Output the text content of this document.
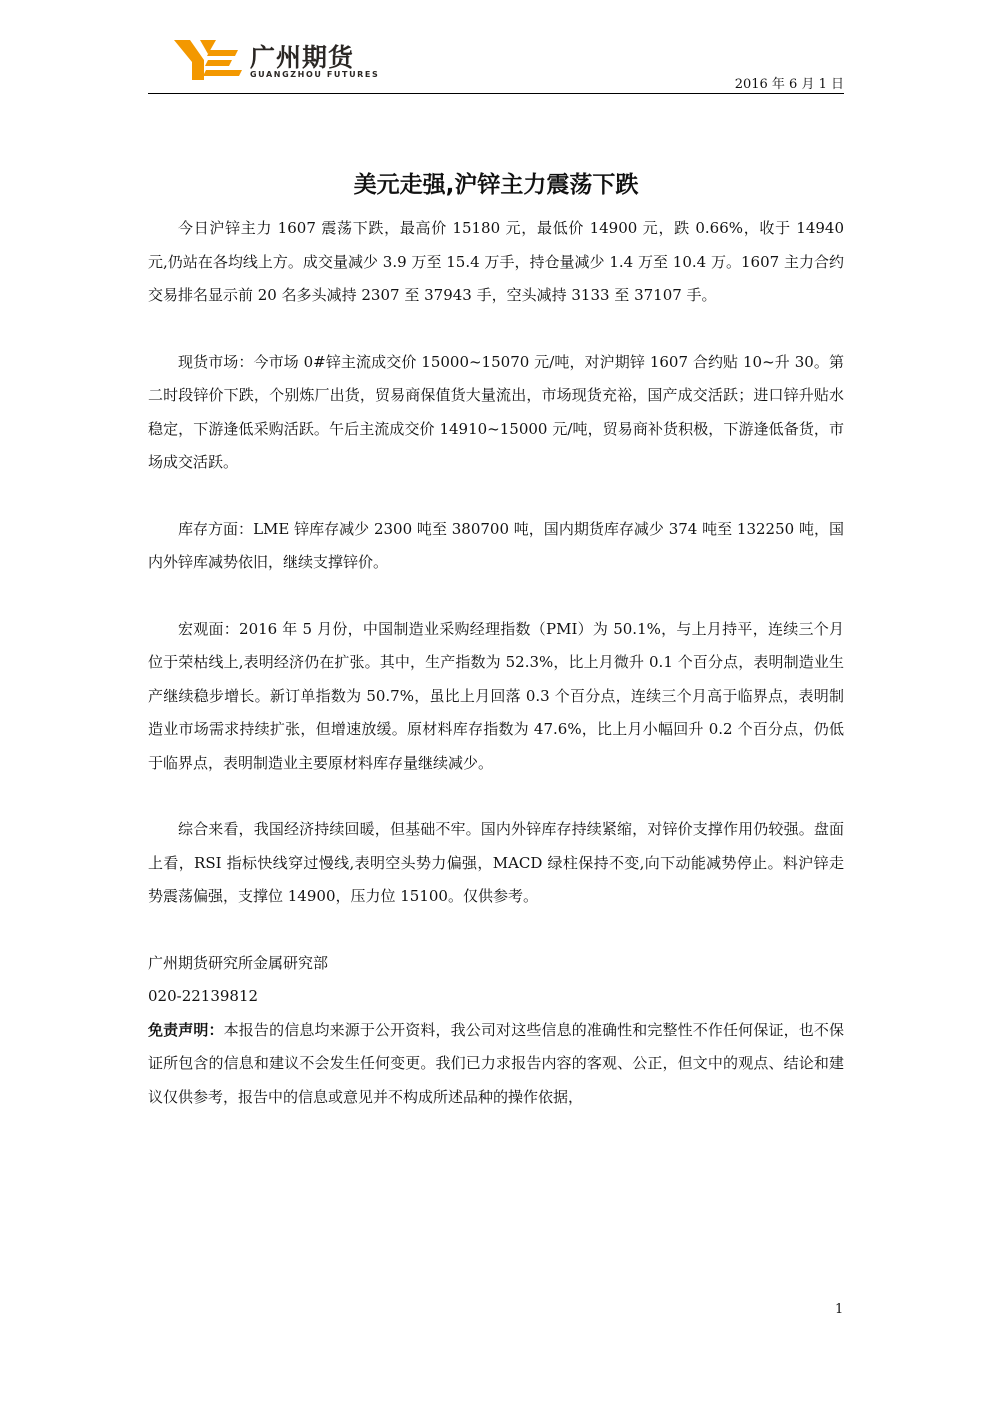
广州期货
GUANGZHOU FUTURES
2016 年 6 月 1 日
美元走强,沪锌主力震荡下跌

今日沪锌主力 1607 震荡下跌，最高价 15180 元，最低价 14900 元，跌 0.66%，收于 14940 元,仍站在各均线上方。成交量减少 3.9 万至 15.4 万手，持仓量减少 1.4 万至 10.4 万。1607 主力合约交易排名显示前 20 名多头减持 2307 至 37943 手，空头减持 3133 至 37107 手。

现货市场：今市场 0#锌主流成交价 15000~15070 元/吨，对沪期锌 1607 合约贴 10~升 30。第二时段锌价下跌，个别炼厂出货，贸易商保值货大量流出，市场现货充裕，国产成交活跃；进口锌升贴水稳定，下游逢低采购活跃。午后主流成交价 14910~15000 元/吨，贸易商补货积极，下游逢低备货，市场成交活跃。

库存方面：LME 锌库存减少 2300 吨至 380700 吨，国内期货库存减少 374 吨至 132250 吨，国内外锌库减势依旧，继续支撑锌价。

宏观面：2016 年 5 月份，中国制造业采购经理指数（PMI）为 50.1%，与上月持平，连续三个月位于荣枯线上,表明经济仍在扩张。其中，生产指数为 52.3%，比上月微升 0.1 个百分点，表明制造业生产继续稳步增长。新订单指数为 50.7%，虽比上月回落 0.3 个百分点，连续三个月高于临界点，表明制造业市场需求持续扩张，但增速放缓。原材料库存指数为 47.6%，比上月小幅回升 0.2 个百分点，仍低于临界点，表明制造业主要原材料库存量继续减少。

综合来看，我国经济持续回暖，但基础不牢。国内外锌库存持续紧缩，对锌价支撑作用仍较强。盘面上看，RSI 指标快线穿过慢线,表明空头势力偏强，MACD 绿柱保持不变,向下动能减势停止。料沪锌走势震荡偏强，支撑位 14900，压力位 15100。仅供参考。

广州期货研究所金属研究部

020-22139812

免责声明：本报告的信息均来源于公开资料，我公司对这些信息的准确性和完整性不作任何保证，也不保证所包含的信息和建议不会发生任何变更。我们已力求报告内容的客观、公正，但文中的观点、结论和建议仅供参考，报告中的信息或意见并不构成所述品种的操作依据，

1
